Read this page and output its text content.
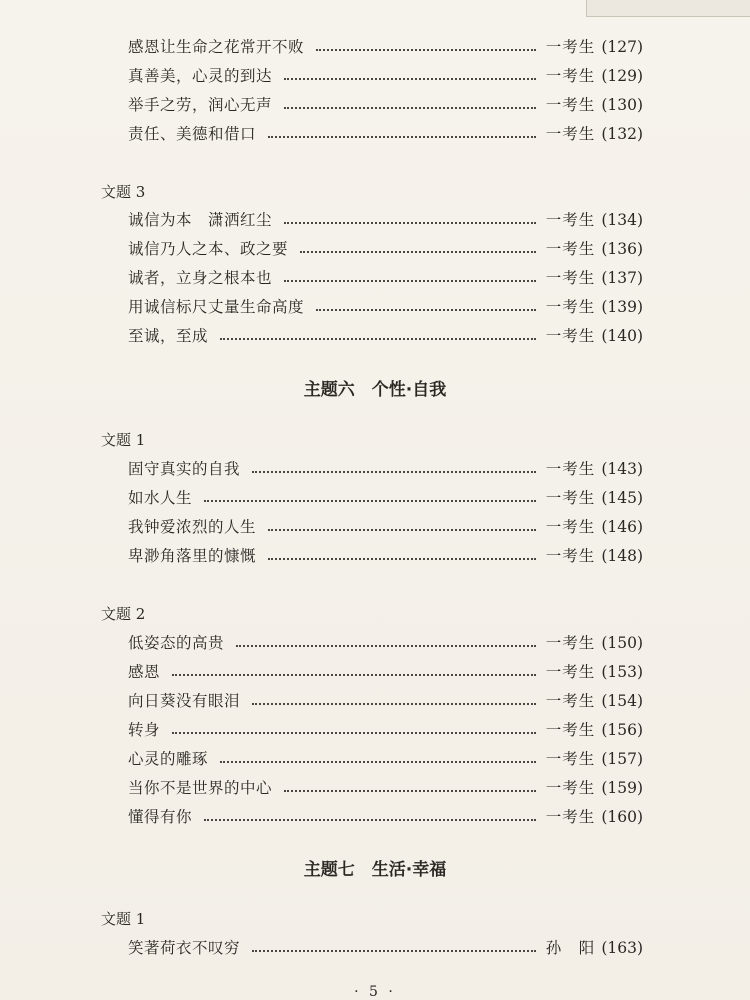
感恩让生命之花常开不败	一考生 (127)
真善美，心灵的到达	一考生 (129)
举手之劳，润心无声	一考生 (130)
责任、美德和借口	一考生 (132)
文题 3
诚信为本　潇洒红尘	一考生 (134)
诚信乃人之本、政之要	一考生 (136)
诚者，立身之根本也	一考生 (137)
用诚信标尺丈量生命高度	一考生 (139)
至诚，至成	一考生 (140)
主题六　个性·自我
文题 1
固守真实的自我	一考生 (143)
如水人生	一考生 (145)
我钟爱浓烈的人生	一考生 (146)
卑渺角落里的慷慨	一考生 (148)
文题 2
低姿态的高贵	一考生 (150)
感恩	一考生 (153)
向日葵没有眼泪	一考生 (154)
转身	一考生 (156)
心灵的雕琢	一考生 (157)
当你不是世界的中心	一考生 (159)
懂得有你	一考生 (160)
主题七　生活·幸福
文题 1
笑著荷衣不叹穷	孙　阳 (163)
· 5 ·
